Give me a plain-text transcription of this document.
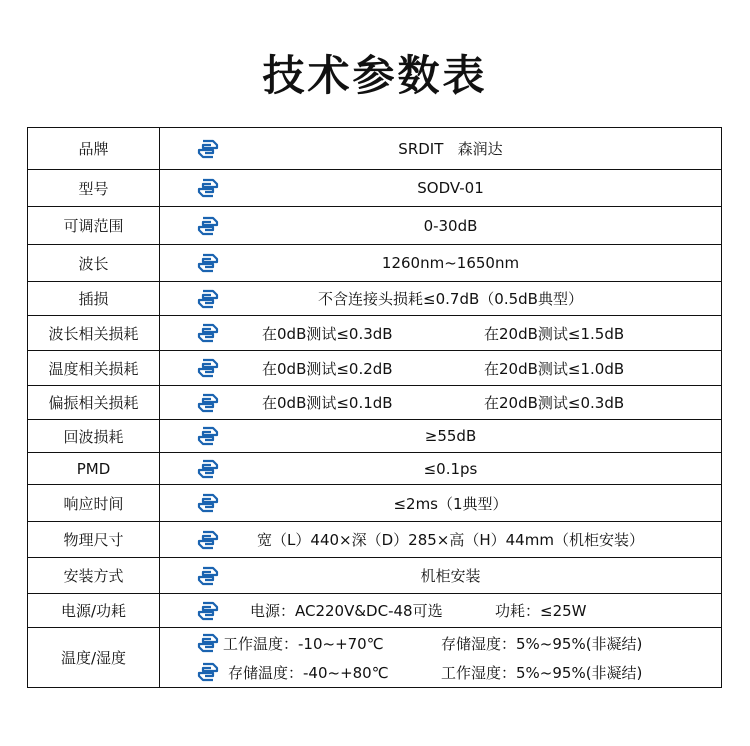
技术参数表
品牌	SRDIT   森润达

型号	SODV-01

可调范围	0-30dB

波长	1260nm~1650nm

插损	不含连接头损耗≤0.7dB（0.5dB典型）

波长相关损耗	在0dB测试≤0.3dB 在20dB测试≤1.5dB

温度相关损耗	在0dB测试≤0.2dB 在20dB测试≤1.0dB

偏振相关损耗	在0dB测试≤0.1dB 在20dB测试≤0.3dB

回波损耗	≥55dB

PMD	≤0.1ps

响应时间	≤2ms（1典型）

物理尺寸	宽（L）440×深（D）285×高（H）44mm（机柜安装）

安装方式	机柜安装

电源/功耗	电源：AC220V&DC-48可选 功耗：≤25W

温度/湿度	工作温度：-10~+70℃ 存储湿度：5%~95%(非凝结)
存储温度：-40~+80℃ 工作湿度：5%~95%(非凝结)
